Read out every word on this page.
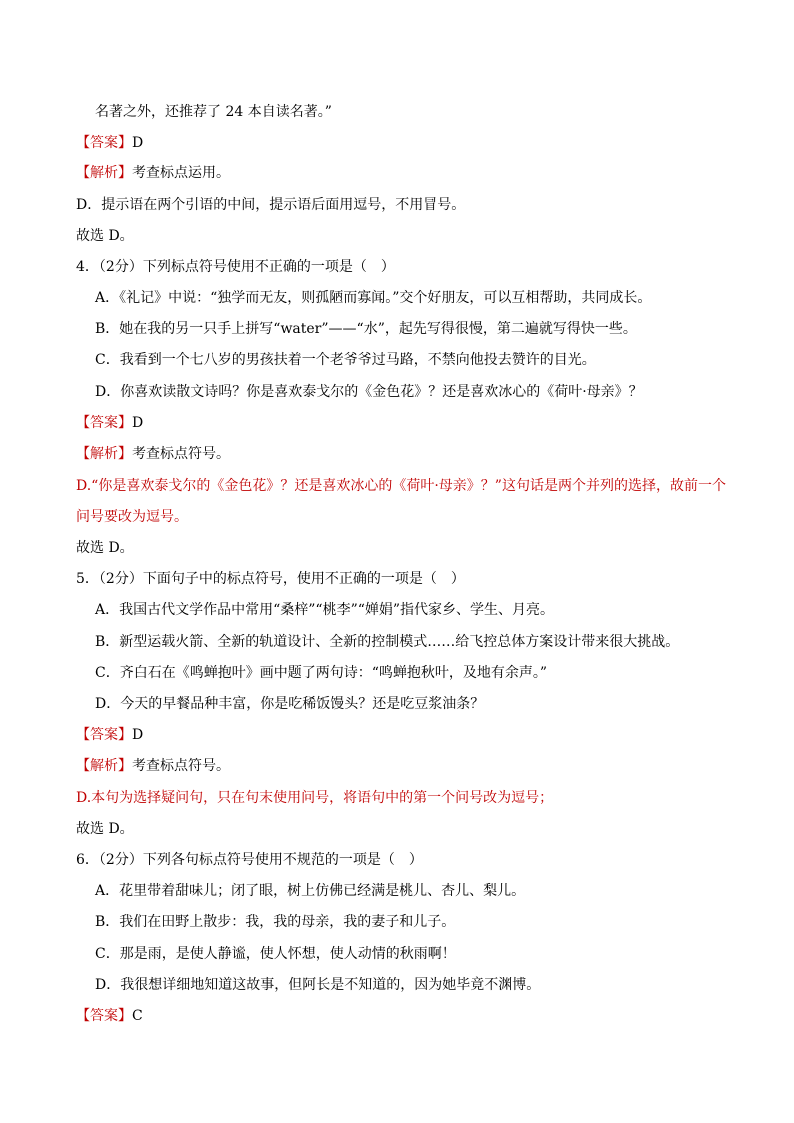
名著之外，还推荐了 24 本自读名著。”
【答案】D
【解析】考查标点运用。
D．提示语在两个引语的中间，提示语后面用逗号，不用冒号。
故选 D。
4．（2分）下列标点符号使用不正确的一项是（　）
A．《礼记》中说：“独学而无友，则孤陋而寡闻。”交个好朋友，可以互相帮助，共同成长。
B．她在我的另一只手上拼写“water”——“水”，起先写得很慢，第二遍就写得快一些。
C．我看到一个七八岁的男孩扶着一个老爷爷过马路，不禁向他投去赞许的目光。
D．你喜欢读散文诗吗？你是喜欢泰戈尔的《金色花》？还是喜欢冰心的《荷叶·母亲》？
【答案】D
【解析】考查标点符号。
D.“你是喜欢泰戈尔的《金色花》？还是喜欢冰心的《荷叶·母亲》？”这句话是两个并列的选择，故前一个
问号要改为逗号。
故选 D。
5．（2分）下面句子中的标点符号，使用不正确的一项是（　）
A．我国古代文学作品中常用“桑梓”“桃李”“婵娟”指代家乡、学生、月亮。
B．新型运载火箭、全新的轨道设计、全新的控制模式……给飞控总体方案设计带来很大挑战。
C．齐白石在《鸣蝉抱叶》画中题了两句诗：“鸣蝉抱秋叶，及地有余声。”
D．今天的早餐品种丰富，你是吃稀饭馒头？还是吃豆浆油条？
【答案】D
【解析】考查标点符号。
D.本句为选择疑问句，只在句末使用问号，将语句中的第一个问号改为逗号；
故选 D。
6．（2分）下列各句标点符号使用不规范的一项是（　）
A．花里带着甜味儿；闭了眼，树上仿佛已经满是桃儿、杏儿、梨儿。
B．我们在田野上散步：我，我的母亲，我的妻子和儿子。
C．那是雨，是使人静谧，使人怀想，使人动情的秋雨啊！
D．我很想详细地知道这故事，但阿长是不知道的，因为她毕竟不渊博。
【答案】C
